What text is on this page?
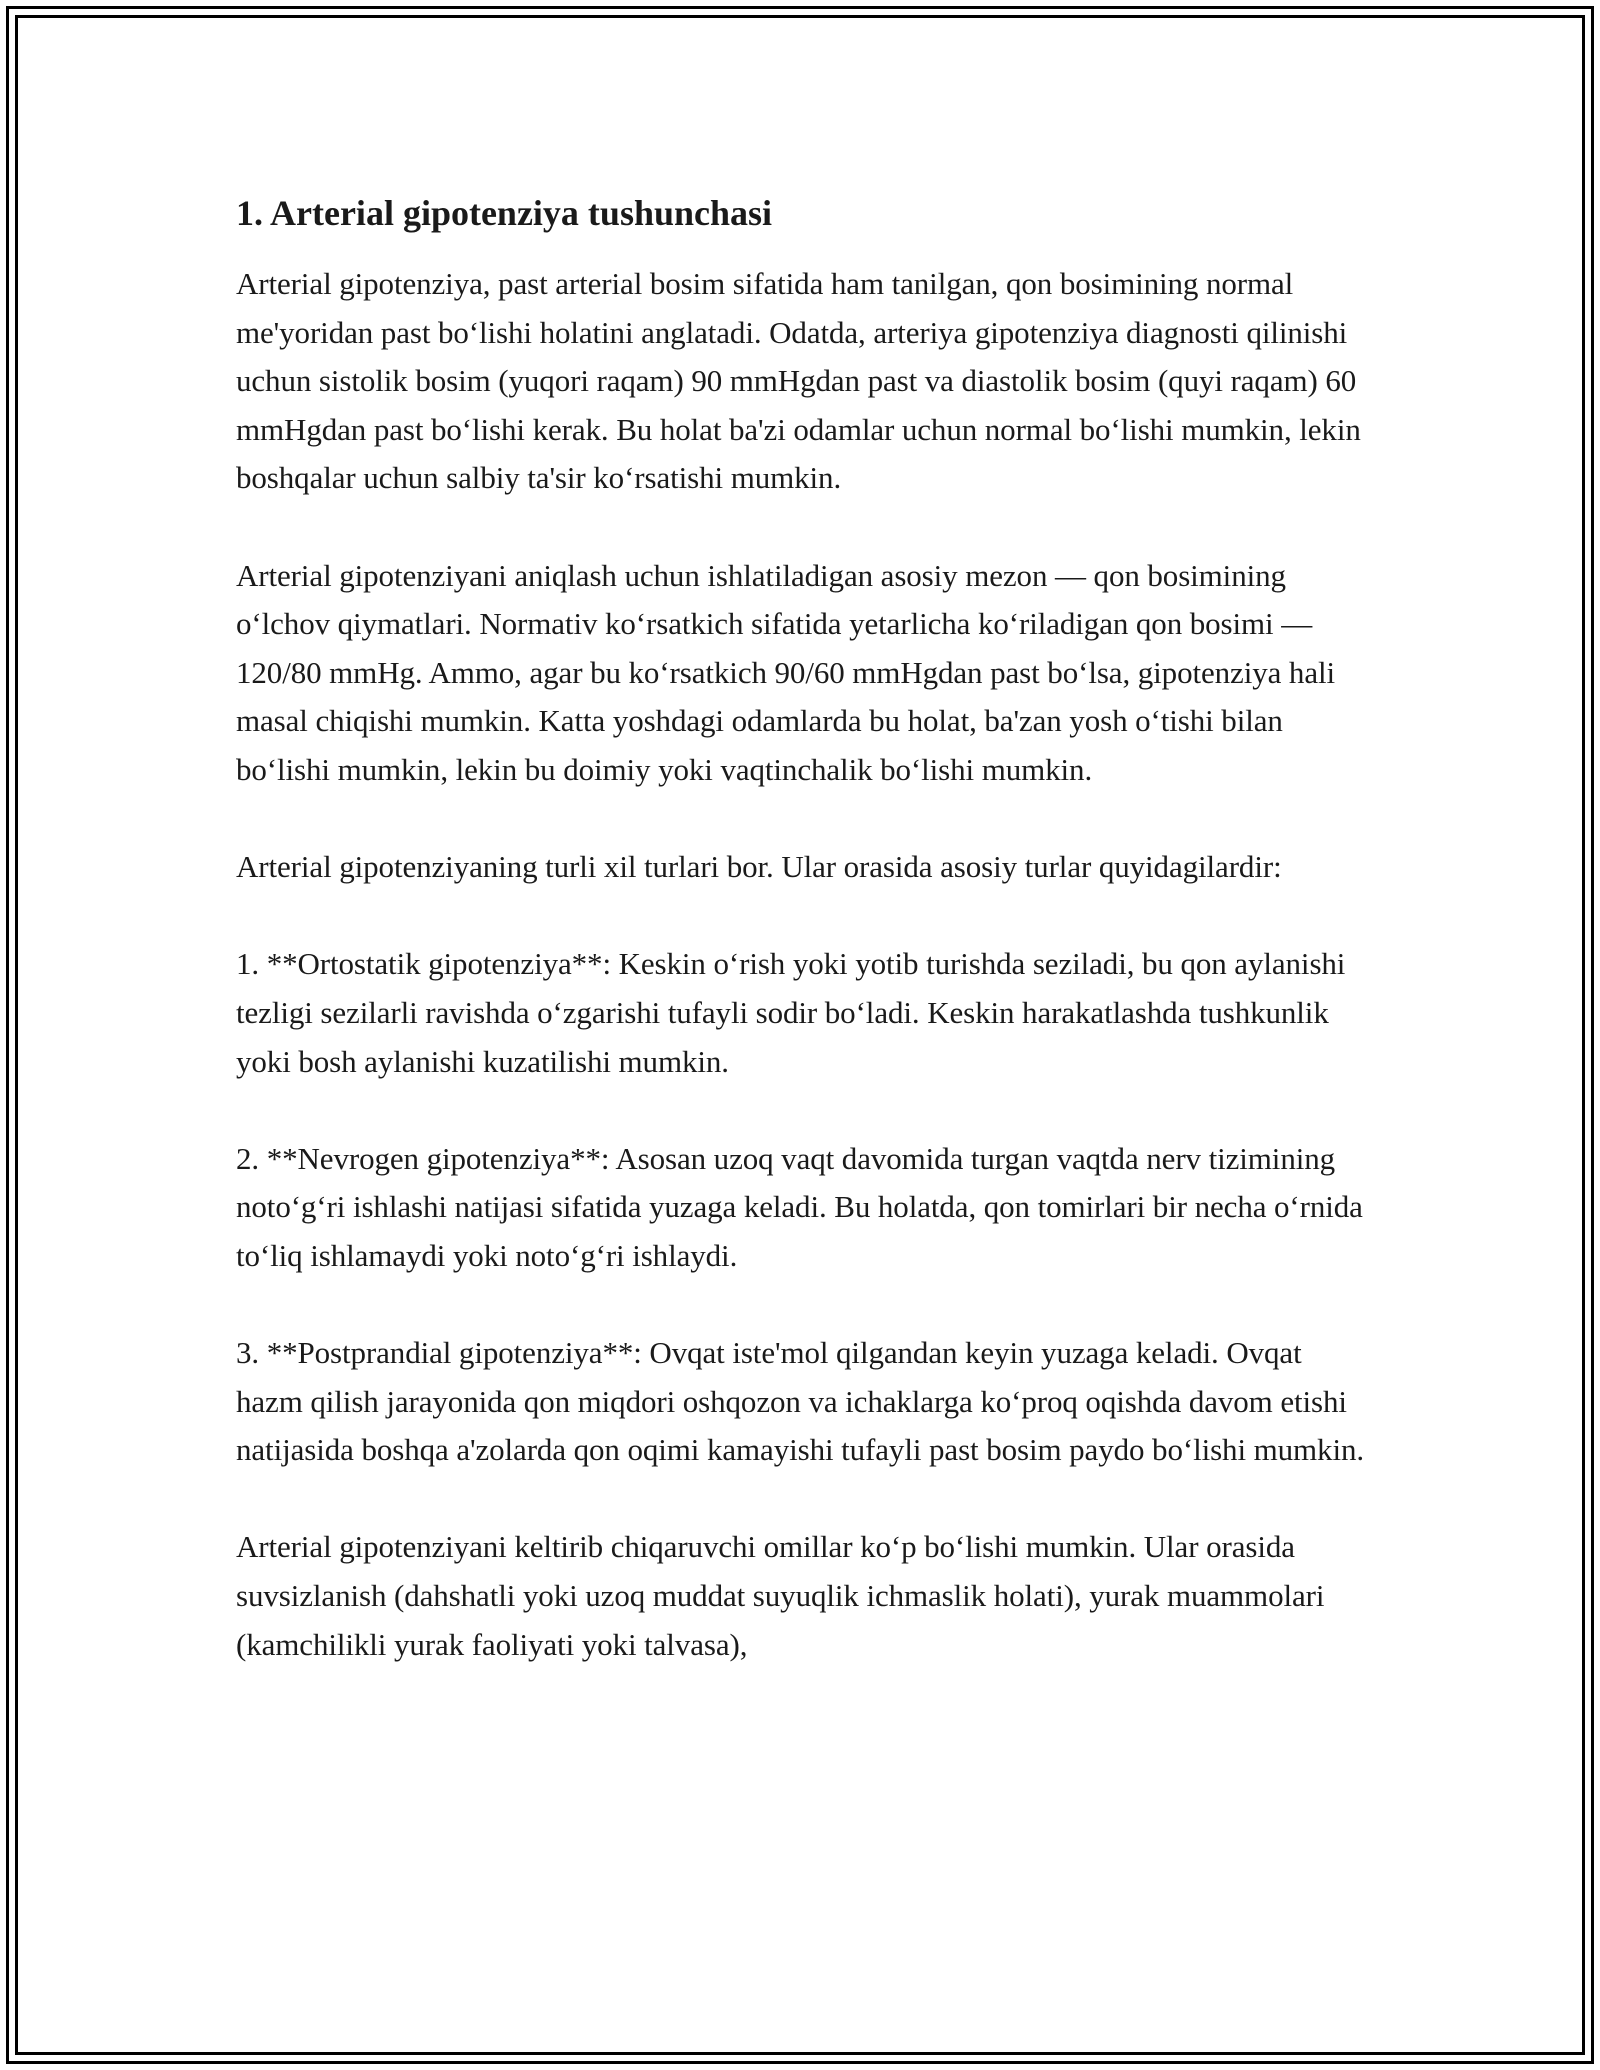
1. Arterial gipotenziya tushunchasi

Arterial gipotenziya, past arterial bosim sifatida ham tanilgan, qon bosimining normal me'yoridan past bo‘lishi holatini anglatadi. Odatda, arteriya gipotenziya diagnosti qilinishi uchun sistolik bosim (yuqori raqam) 90 mmHgdan past va diastolik bosim (quyi raqam) 60 mmHgdan past bo‘lishi kerak. Bu holat ba'zi odamlar uchun normal bo‘lishi mumkin, lekin boshqalar uchun salbiy ta'sir ko‘rsatishi mumkin.

Arterial gipotenziyani aniqlash uchun ishlatiladigan asosiy mezon — qon bosimining o‘lchov qiymatlari. Normativ ko‘rsatkich sifatida yetarlicha ko‘riladigan qon bosimi — 120/80 mmHg. Ammo, agar bu ko‘rsatkich 90/60 mmHgdan past bo‘lsa, gipotenziya hali masal chiqishi mumkin. Katta yoshdagi odamlarda bu holat, ba'zan yosh o‘tishi bilan bo‘lishi mumkin, lekin bu doimiy yoki vaqtinchalik bo‘lishi mumkin.

Arterial gipotenziyaning turli xil turlari bor. Ular orasida asosiy turlar quyidagilardir:

1. **Ortostatik gipotenziya**: Keskin o‘rish yoki yotib turishda seziladi, bu qon aylanishi tezligi sezilarli ravishda o‘zgarishi tufayli sodir bo‘ladi. Keskin harakatlashda tushkunlik yoki bosh aylanishi kuzatilishi mumkin.

2. **Nevrogen gipotenziya**: Asosan uzoq vaqt davomida turgan vaqtda nerv tizimining noto‘g‘ri ishlashi natijasi sifatida yuzaga keladi. Bu holatda, qon tomirlari bir necha o‘rnida to‘liq ishlamaydi yoki noto‘g‘ri ishlaydi.

3. **Postprandial gipotenziya**: Ovqat iste'mol qilgandan keyin yuzaga keladi. Ovqat hazm qilish jarayonida qon miqdori oshqozon va ichaklarga ko‘proq oqishda davom etishi natijasida boshqa a'zolarda qon oqimi kamayishi tufayli past bosim paydo bo‘lishi mumkin.

Arterial gipotenziyani keltirib chiqaruvchi omillar ko‘p bo‘lishi mumkin. Ular orasida suvsizlanish (dahshatli yoki uzoq muddat suyuqlik ichmaslik holati), yurak muammolari (kamchilikli yurak faoliyati yoki talvasa),
